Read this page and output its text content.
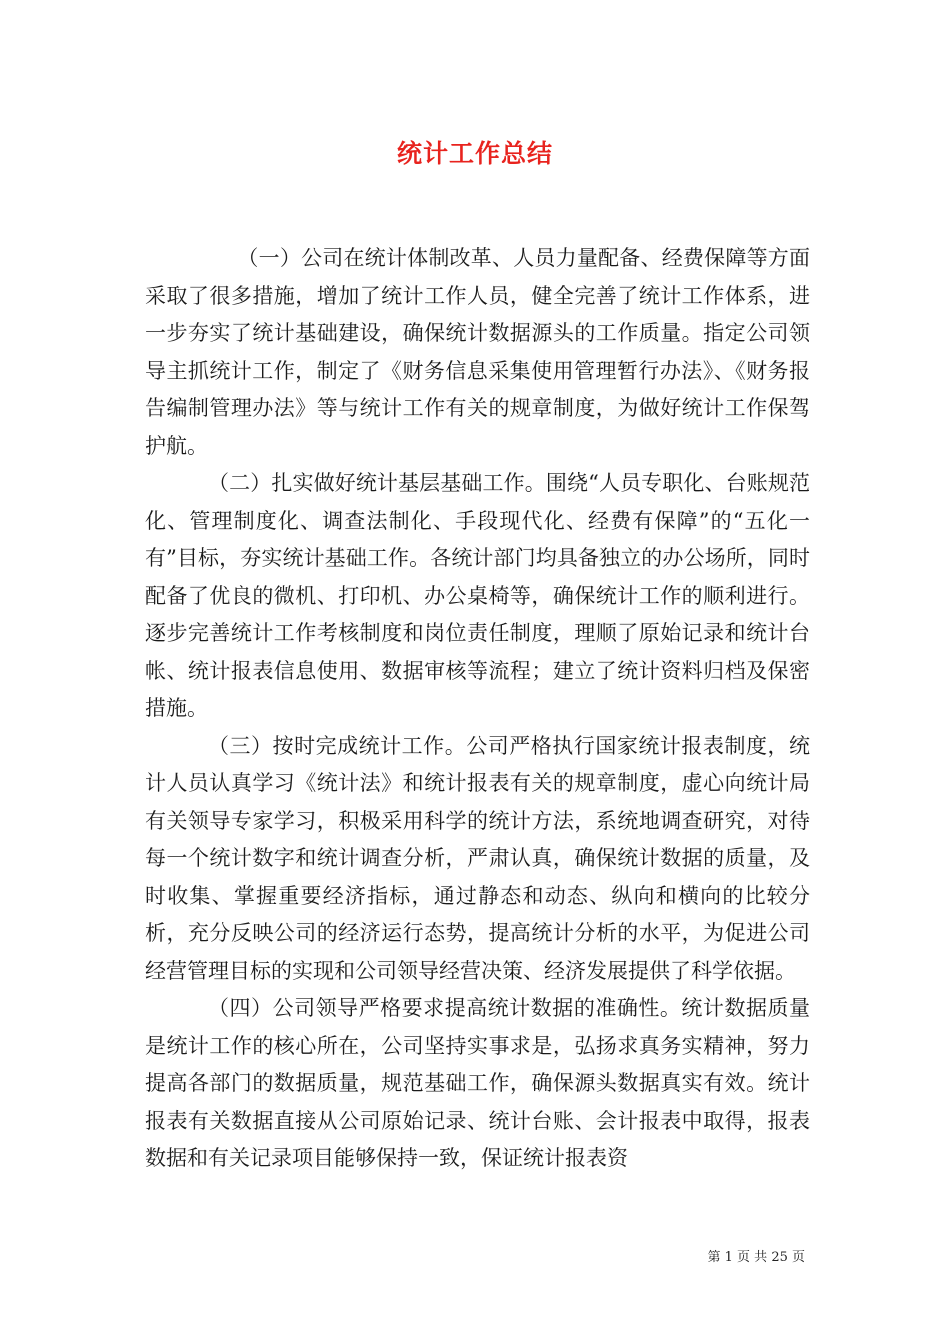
统计工作总结

（一）公司在统计体制改革、人员力量配备、经费保障等方面采取了很多措施，增加了统计工作人员，健全完善了统计工作体系，进一步夯实了统计基础建设，确保统计数据源头的工作质量。指定公司领导主抓统计工作，制定了《财务信息采集使用管理暂行办法》、《财务报告编制管理办法》等与统计工作有关的规章制度，为做好统计工作保驾护航。

（二）扎实做好统计基层基础工作。围绕“人员专职化、台账规范化、管理制度化、调查法制化、手段现代化、经费有保障”的“五化一有”目标，夯实统计基础工作。各统计部门均具备独立的办公场所，同时配备了优良的微机、打印机、办公桌椅等，确保统计工作的顺利进行。逐步完善统计工作考核制度和岗位责任制度，理顺了原始记录和统计台帐、统计报表信息使用、数据审核等流程；建立了统计资料归档及保密措施。

（三）按时完成统计工作。公司严格执行国家统计报表制度，统计人员认真学习《统计法》和统计报表有关的规章制度，虚心向统计局有关领导专家学习，积极采用科学的统计方法，系统地调查研究，对待每一个统计数字和统计调查分析，严肃认真，确保统计数据的质量，及时收集、掌握重要经济指标，通过静态和动态、纵向和横向的比较分析，充分反映公司的经济运行态势，提高统计分析的水平，为促进公司经营管理目标的实现和公司领导经营决策、经济发展提供了科学依据。

（四）公司领导严格要求提高统计数据的准确性。统计数据质量是统计工作的核心所在，公司坚持实事求是，弘扬求真务实精神，努力提高各部门的数据质量，规范基础工作，确保源头数据真实有效。统计报表有关数据直接从公司原始记录、统计台账、会计报表中取得，报表数据和有关记录项目能够保持一致，保证统计报表资

第 1 页 共 25 页
